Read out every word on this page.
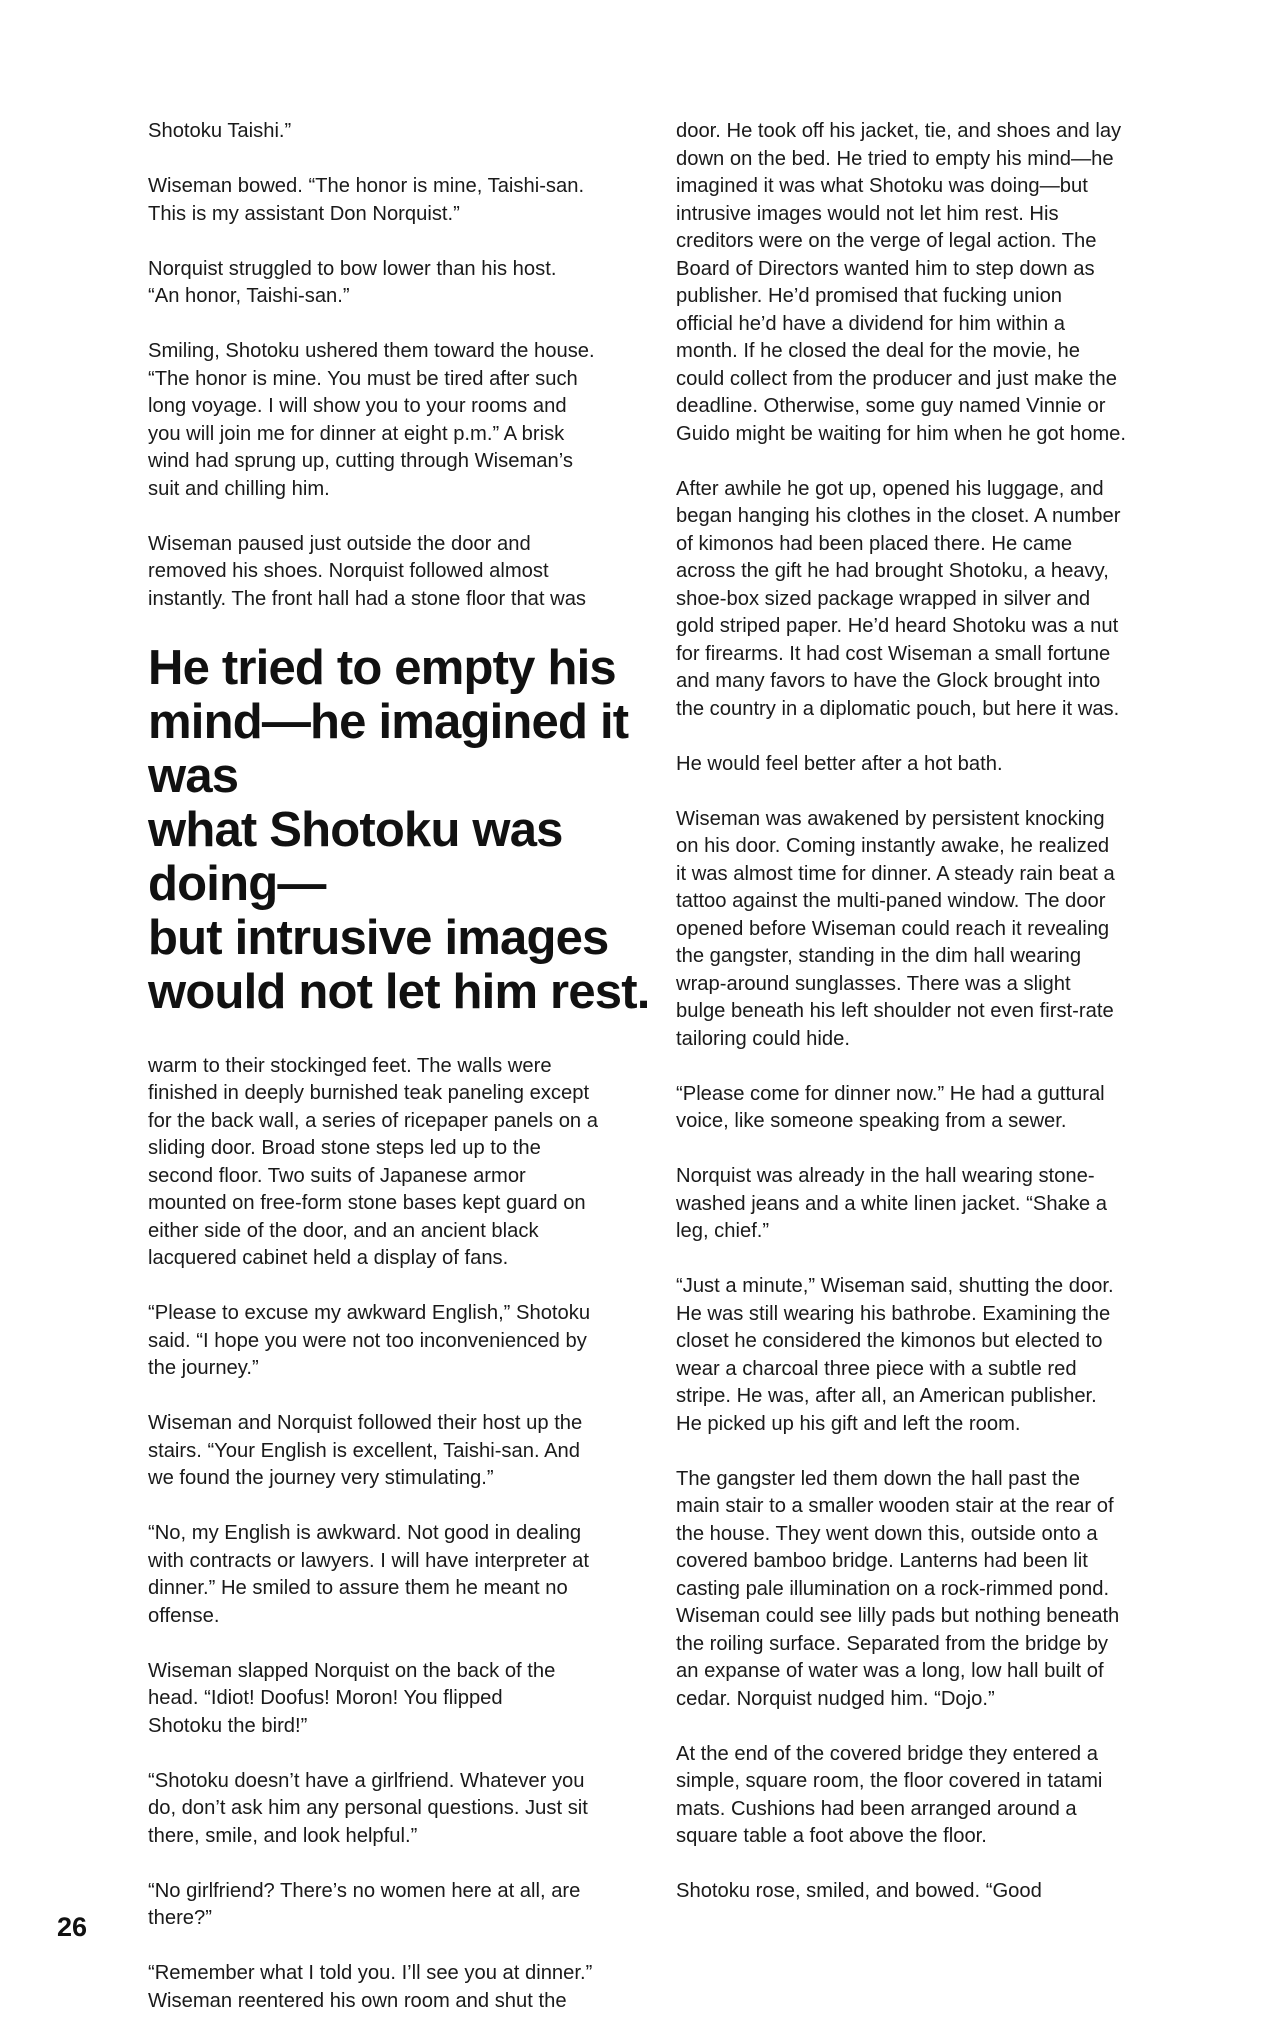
Shotoku Taishi.”

Wiseman bowed. “The honor is mine, Taishi-san.
This is my assistant Don Norquist.”

Norquist struggled to bow lower than his host.
“An honor, Taishi-san.”

Smiling, Shotoku ushered them toward the house.
“The honor is mine. You must be tired after such
long voyage. I will show you to your rooms and
you will join me for dinner at eight p.m.” A brisk
wind had sprung up, cutting through Wiseman’s
suit and chilling him.

Wiseman paused just outside the door and
removed his shoes. Norquist followed almost
instantly. The front hall had a stone floor that was

He tried to empty his
mind—he imagined it was
what Shotoku was doing—
but intrusive images
would not let him rest.

warm to their stockinged feet. The walls were
finished in deeply burnished teak paneling except
for the back wall, a series of ricepaper panels on a
sliding door. Broad stone steps led up to the
second floor. Two suits of Japanese armor
mounted on free-form stone bases kept guard on
either side of the door, and an ancient black
lacquered cabinet held a display of fans.

“Please to excuse my awkward English,” Shotoku
said. “I hope you were not too inconvenienced by
the journey.”

Wiseman and Norquist followed their host up the
stairs. “Your English is excellent, Taishi-san. And
we found the journey very stimulating.”

“No, my English is awkward. Not good in dealing
with contracts or lawyers. I will have interpreter at
dinner.” He smiled to assure them he meant no
offense.

Wiseman slapped Norquist on the back of the
head. “Idiot! Doofus! Moron! You flipped
Shotoku the bird!”

“Shotoku doesn’t have a girlfriend. Whatever you
do, don’t ask him any personal questions. Just sit
there, smile, and look helpful.”

“No girlfriend? There’s no women here at all, are
there?”

“Remember what I told you. I’ll see you at dinner.”
Wiseman reentered his own room and shut the

door. He took off his jacket, tie, and shoes and lay
down on the bed. He tried to empty his mind—he
imagined it was what Shotoku was doing—but
intrusive images would not let him rest. His
creditors were on the verge of legal action. The
Board of Directors wanted him to step down as
publisher. He’d promised that fucking union
official he’d have a dividend for him within a
month. If he closed the deal for the movie, he
could collect from the producer and just make the
deadline. Otherwise, some guy named Vinnie or
Guido might be waiting for him when he got home.

After awhile he got up, opened his luggage, and
began hanging his clothes in the closet. A number
of kimonos had been placed there. He came
across the gift he had brought Shotoku, a heavy,
shoe-box sized package wrapped in silver and
gold striped paper. He’d heard Shotoku was a nut
for firearms. It had cost Wiseman a small fortune
and many favors to have the Glock brought into
the country in a diplomatic pouch, but here it was.

He would feel better after a hot bath.

Wiseman was awakened by persistent knocking
on his door. Coming instantly awake, he realized
it was almost time for dinner. A steady rain beat a
tattoo against the multi-paned window. The door
opened before Wiseman could reach it revealing
the gangster, standing in the dim hall wearing
wrap-around sunglasses. There was a slight
bulge beneath his left shoulder not even first-rate
tailoring could hide.

“Please come for dinner now.” He had a guttural
voice, like someone speaking from a sewer.

Norquist was already in the hall wearing stone-
washed jeans and a white linen jacket. “Shake a
leg, chief.”

“Just a minute,” Wiseman said, shutting the door.
He was still wearing his bathrobe. Examining the
closet he considered the kimonos but elected to
wear a charcoal three piece with a subtle red
stripe. He was, after all, an American publisher.
He picked up his gift and left the room.

The gangster led them down the hall past the
main stair to a smaller wooden stair at the rear of
the house. They went down this, outside onto a
covered bamboo bridge. Lanterns had been lit
casting pale illumination on a rock-rimmed pond.
Wiseman could see lilly pads but nothing beneath
the roiling surface. Separated from the bridge by
an expanse of water was a long, low hall built of
cedar. Norquist nudged him. “Dojo.”

At the end of the covered bridge they entered a
simple, square room, the floor covered in tatami
mats. Cushions had been arranged around a
square table a foot above the floor.

Shotoku rose, smiled, and bowed. “Good

26
